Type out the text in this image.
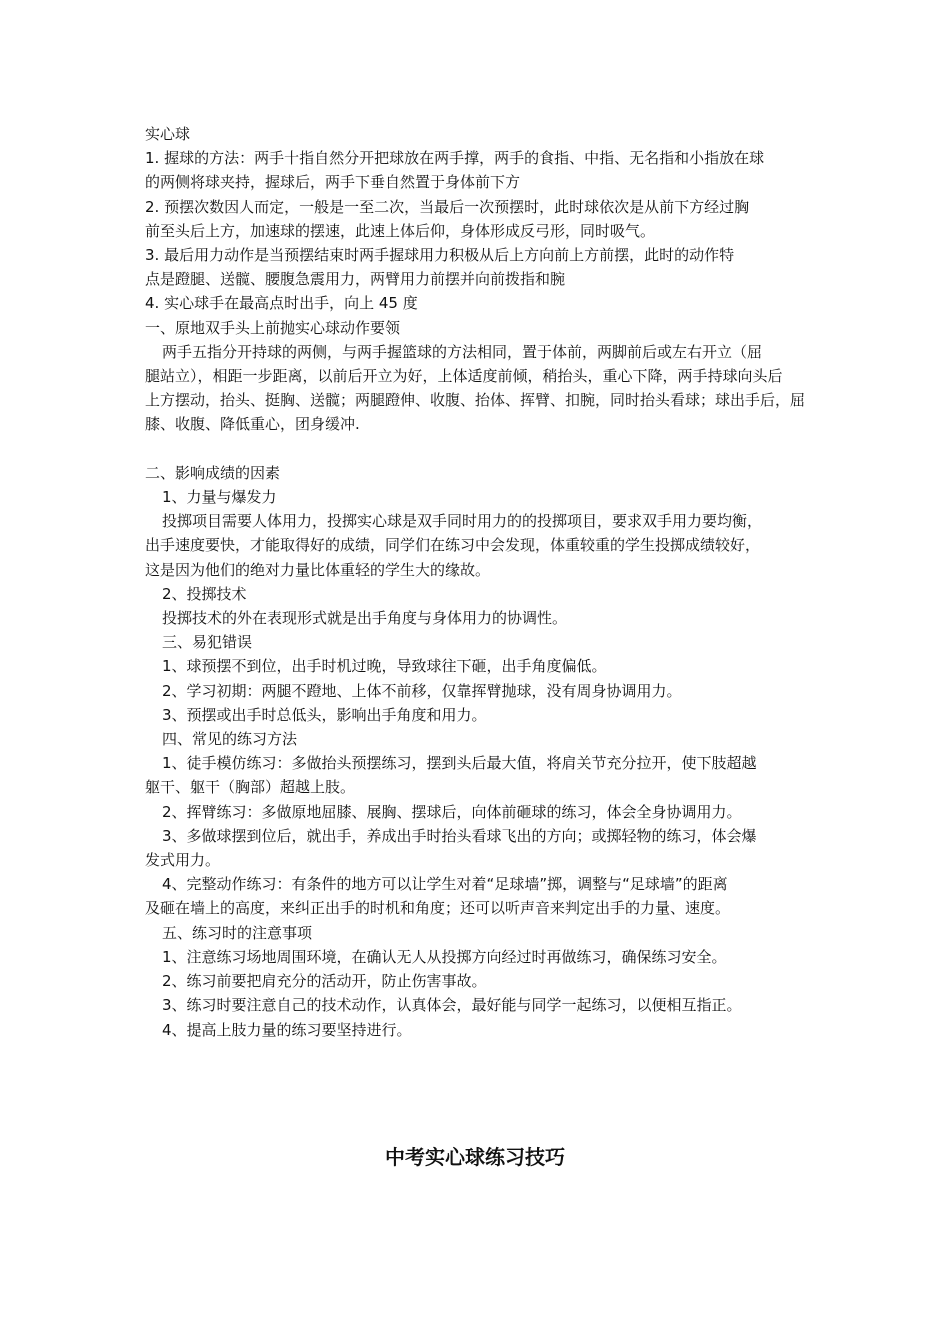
实心球

1. 握球的方法：两手十指自然分开把球放在两手撑，两手的食指、中指、无名指和小指放在球

的两侧将球夹持，握球后，两手下垂自然置于身体前下方

2. 预摆次数因人而定，一般是一至二次，当最后一次预摆时，此时球依次是从前下方经过胸

前至头后上方，加速球的摆速，此速上体后仰，身体形成反弓形，同时吸气。

3. 最后用力动作是当预摆结束时两手握球用力积极从后上方向前上方前摆，此时的动作特

点是蹬腿、送髋、腰腹急震用力，两臂用力前摆并向前拨指和腕

4. 实心球手在最高点时出手，向上 45 度

一、原地双手头上前抛实心球动作要领

两手五指分开持球的两侧，与两手握篮球的方法相同，置于体前，两脚前后或左右开立（屈

腿站立），相距一步距离，以前后开立为好，上体适度前倾，稍抬头，重心下降，两手持球向头后

上方摆动，抬头、挺胸、送髋；两腿蹬伸、收腹、抬体、挥臂、扣腕，同时抬头看球；球出手后，屈

膝、收腹、降低重心，团身缓冲.

二、影响成绩的因素

1、力量与爆发力

投掷项目需要人体用力，投掷实心球是双手同时用力的的投掷项目，要求双手用力要均衡，

出手速度要快，才能取得好的成绩，同学们在练习中会发现，体重较重的学生投掷成绩较好，

这是因为他们的绝对力量比体重轻的学生大的缘故。

2、投掷技术

投掷技术的外在表现形式就是出手角度与身体用力的协调性。

三、易犯错误

1、球预摆不到位，出手时机过晚，导致球往下砸，出手角度偏低。

2、学习初期：两腿不蹬地、上体不前移，仅靠挥臂抛球，没有周身协调用力。

3、预摆或出手时总低头，影响出手角度和用力。

四、常见的练习方法

1、徒手模仿练习：多做抬头预摆练习，摆到头后最大值，将肩关节充分拉开，使下肢超越

躯干、躯干（胸部）超越上肢。

2、挥臂练习：多做原地屈膝、展胸、摆球后，向体前砸球的练习，体会全身协调用力。

3、多做球摆到位后，就出手，养成出手时抬头看球飞出的方向；或掷轻物的练习，体会爆

发式用力。

4、完整动作练习：有条件的地方可以让学生对着“足球墙”掷，调整与“足球墙”的距离

及砸在墙上的高度，来纠正出手的时机和角度；还可以听声音来判定出手的力量、速度。

五、练习时的注意事项

1、注意练习场地周围环境，在确认无人从投掷方向经过时再做练习，确保练习安全。

2、练习前要把肩充分的活动开，防止伤害事故。

3、练习时要注意自己的技术动作，认真体会，最好能与同学一起练习，以便相互指正。

4、提高上肢力量的练习要坚持进行。

中考实心球练习技巧
